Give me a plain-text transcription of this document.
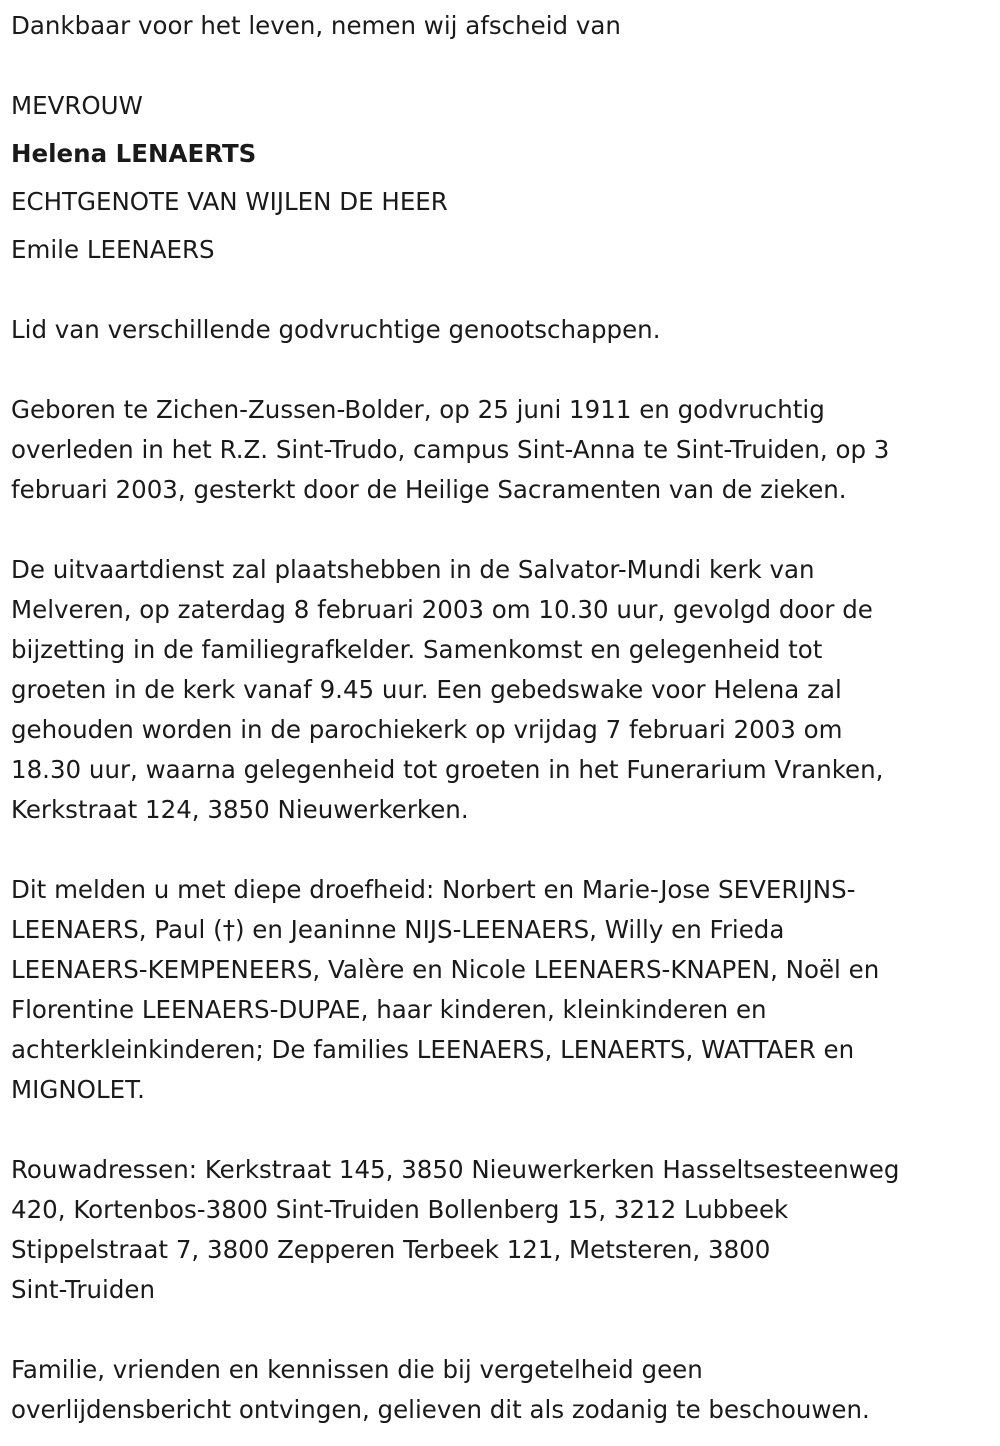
Dankbaar voor het leven, nemen wij afscheid van

MEVROUW

Helena LENAERTS

ECHTGENOTE VAN WIJLEN DE HEER

Emile LEENAERS

Lid van verschillende godvruchtige genootschappen.

Geboren te Zichen-Zussen-Bolder, op 25 juni 1911 en godvruchtig
overleden in het R.Z. Sint-Trudo, campus Sint-Anna te Sint-Truiden, op 3
februari 2003, gesterkt door de Heilige Sacramenten van de zieken.

De uitvaartdienst zal plaatshebben in de Salvator-Mundi kerk van
Melveren, op zaterdag 8 februari 2003 om 10.30 uur, gevolgd door de
bijzetting in de familiegrafkelder. Samenkomst en gelegenheid tot
groeten in de kerk vanaf 9.45 uur. Een gebedswake voor Helena zal
gehouden worden in de parochiekerk op vrijdag 7 februari 2003 om
18.30 uur, waarna gelegenheid tot groeten in het Funerarium Vranken,
Kerkstraat 124, 3850 Nieuwerkerken.

Dit melden u met diepe droefheid: Norbert en Marie-Jose SEVERIJNS-
LEENAERS, Paul (†) en Jeaninne NIJS-LEENAERS, Willy en Frieda
LEENAERS-KEMPENEERS, Valère en Nicole LEENAERS-KNAPEN, Noël en
Florentine LEENAERS-DUPAE, haar kinderen, kleinkinderen en
achterkleinkinderen; De families LEENAERS, LENAERTS, WATTAER en
MIGNOLET.

Rouwadressen: Kerkstraat 145, 3850 Nieuwerkerken Hasseltsesteenweg
420, Kortenbos-3800 Sint-Truiden Bollenberg 15, 3212 Lubbeek
Stippelstraat 7, 3800 Zepperen Terbeek 121, Metsteren, 3800
Sint-Truiden

Familie, vrienden en kennissen die bij vergetelheid geen
overlijdensbericht ontvingen, gelieven dit als zodanig te beschouwen.
